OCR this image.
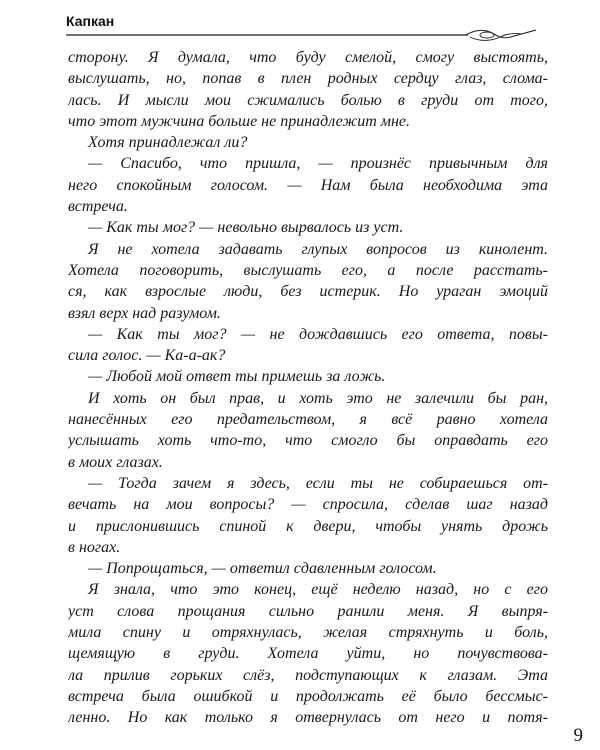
Капкан
сторону. Я думала, что буду смелой, смогу выстоять,
выслушать, но, попав в плен родных сердцу глаз, слома-
лась. И мысли мои сжимались болью в груди от того,
что этот мужчина больше не принадлежит мне.
Хотя принадлежал ли?
— Спасибо, что пришла, — произнёс привычным для
него спокойным голосом. — Нам была необходима эта
встреча.
— Как ты мог? — невольно вырвалось из уст.
Я не хотела задавать глупых вопросов из кинолент.
Хотела поговорить, выслушать его, а после расстать-
ся, как взрослые люди, без истерик. Но ураган эмоций
взял верх над разумом.
— Как ты мог? — не дождавшись его ответа, повы-
сила голос. — Ка-а-ак?
— Любой мой ответ ты примешь за ложь.
И хоть он был прав, и хоть это не залечили бы ран,
нанесённых его предательством, я всё равно хотела
услышать хоть что-то, что смогло бы оправдать его
в моих глазах.
— Тогда зачем я здесь, если ты не собираешься от-
вечать на мои вопросы? — спросила, сделав шаг назад
и прислонившись спиной к двери, чтобы унять дрожь
в ногах.
— Попрощаться, — ответил сдавленным голосом.
Я знала, что это конец, ещё неделю назад, но с его
уст слова прощания сильно ранили меня. Я выпря-
мила спину и отряхнулась, желая стряхнуть и боль,
щемящую в груди. Хотела уйти, но почувствова-
ла прилив горьких слёз, подступающих к глазам. Эта
встреча была ошибкой и продолжать её было бессмыс-
ленно. Но как только я отвернулась от него и потя-
9
